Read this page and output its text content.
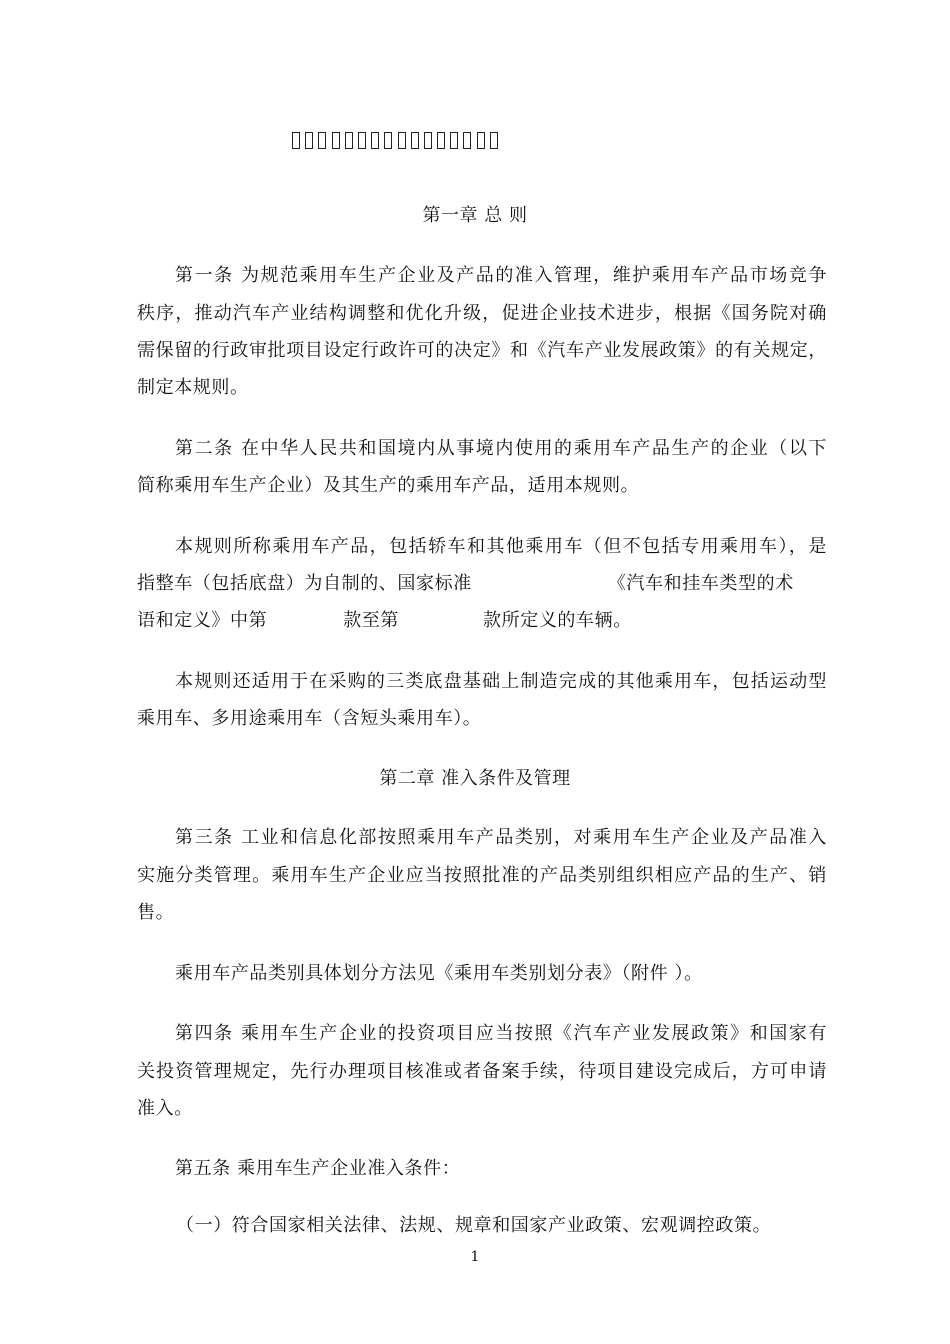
第一章 总 则
第一条 为规范乘用车生产企业及产品的准入管理，维护乘用车产品市场竞争
秩序，推动汽车产业结构调整和优化升级，促进企业技术进步，根据《国务院对确
需保留的行政审批项目设定行政许可的决定》和《汽车产业发展政策》的有关规定，
制定本规则。
第二条 在中华人民共和国境内从事境内使用的乘用车产品生产的企业（以下
简称乘用车生产企业）及其生产的乘用车产品，适用本规则。
本规则所称乘用车产品，包括轿车和其他乘用车（但不包括专用乘用车），是
指整车（包括底盘）为自制的、国家标准	《汽车和挂车类型的术
语和定义》中第	款至第	款所定义的车辆。
本规则还适用于在采购的三类底盘基础上制造完成的其他乘用车，包括运动型
乘用车、多用途乘用车（含短头乘用车）。
第二章 准入条件及管理
第三条 工业和信息化部按照乘用车产品类别，对乘用车生产企业及产品准入
实施分类管理。乘用车生产企业应当按照批准的产品类别组织相应产品的生产、销
售。
乘用车产品类别具体划分方法见《乘用车类别划分表》（附件 ）。
第四条 乘用车生产企业的投资项目应当按照《汽车产业发展政策》和国家有
关投资管理规定，先行办理项目核准或者备案手续，待项目建设完成后，方可申请
准入。
第五条 乘用车生产企业准入条件：
（一）符合国家相关法律、法规、规章和国家产业政策、宏观调控政策。
1
